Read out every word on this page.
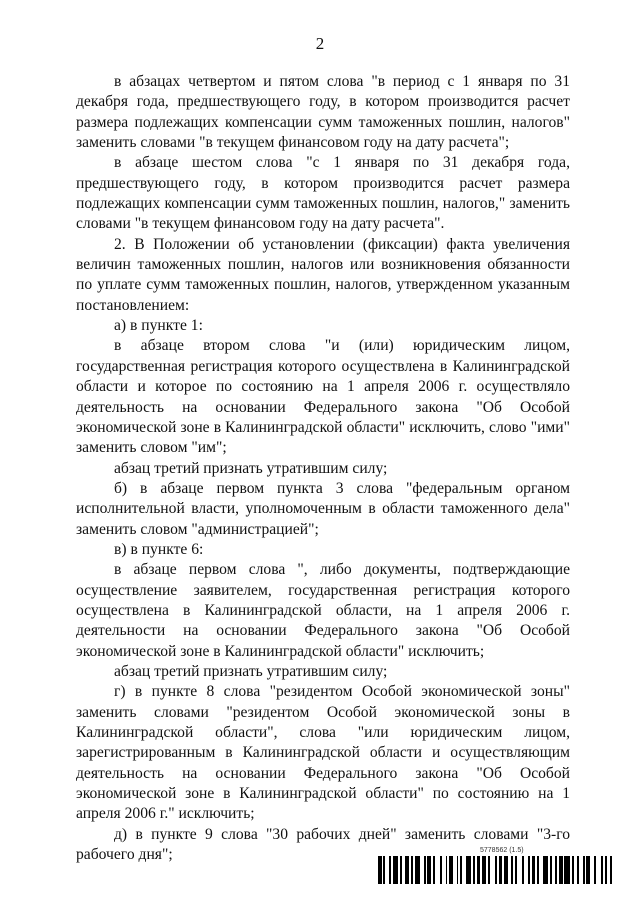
2

в абзацах четвертом и пятом слова "в период с 1 января по 31 декабря года, предшествующего году, в котором производится расчет размера подлежащих компенсации сумм таможенных пошлин, налогов" заменить словами "в текущем финансовом году на дату расчета";

в абзаце шестом слова "с 1 января по 31 декабря года, предшествующего году, в котором производится расчет размера подлежащих компенсации сумм таможенных пошлин, налогов," заменить словами "в текущем финансовом году на дату расчета".

2. В Положении об установлении (фиксации) факта увеличения величин таможенных пошлин, налогов или возникновения обязанности по уплате сумм таможенных пошлин, налогов, утвержденном указанным постановлением:

а) в пункте 1:

в абзаце втором слова "и (или) юридическим лицом, государственная регистрация которого осуществлена в Калининградской области и которое по состоянию на 1 апреля 2006 г. осуществляло деятельность на основании Федерального закона "Об Особой экономической зоне в Калининградской области" исключить, слово "ими" заменить словом "им";

абзац третий признать утратившим силу;

б) в абзаце первом пункта 3 слова "федеральным органом исполнительной власти, уполномоченным в области таможенного дела" заменить словом "администрацией";

в) в пункте 6:

в абзаце первом слова ", либо документы, подтверждающие осуществление заявителем, государственная регистрация которого осуществлена в Калининградской области, на 1 апреля 2006 г. деятельности на основании Федерального закона "Об Особой экономической зоне в Калининградской области" исключить;

абзац третий признать утратившим силу;

г) в пункте 8 слова "резидентом Особой экономической зоны" заменить словами "резидентом Особой экономической зоны в Калининградской области", слова "или юридическим лицом, зарегистрированным в Калининградской области и осуществляющим деятельность на основании Федерального закона "Об Особой экономической зоне в Калининградской области" по состоянию на 1 апреля 2006 г." исключить;

д) в пункте 9 слова "30 рабочих дней" заменить словами "3-го рабочего дня";	5778562 (1.5)
